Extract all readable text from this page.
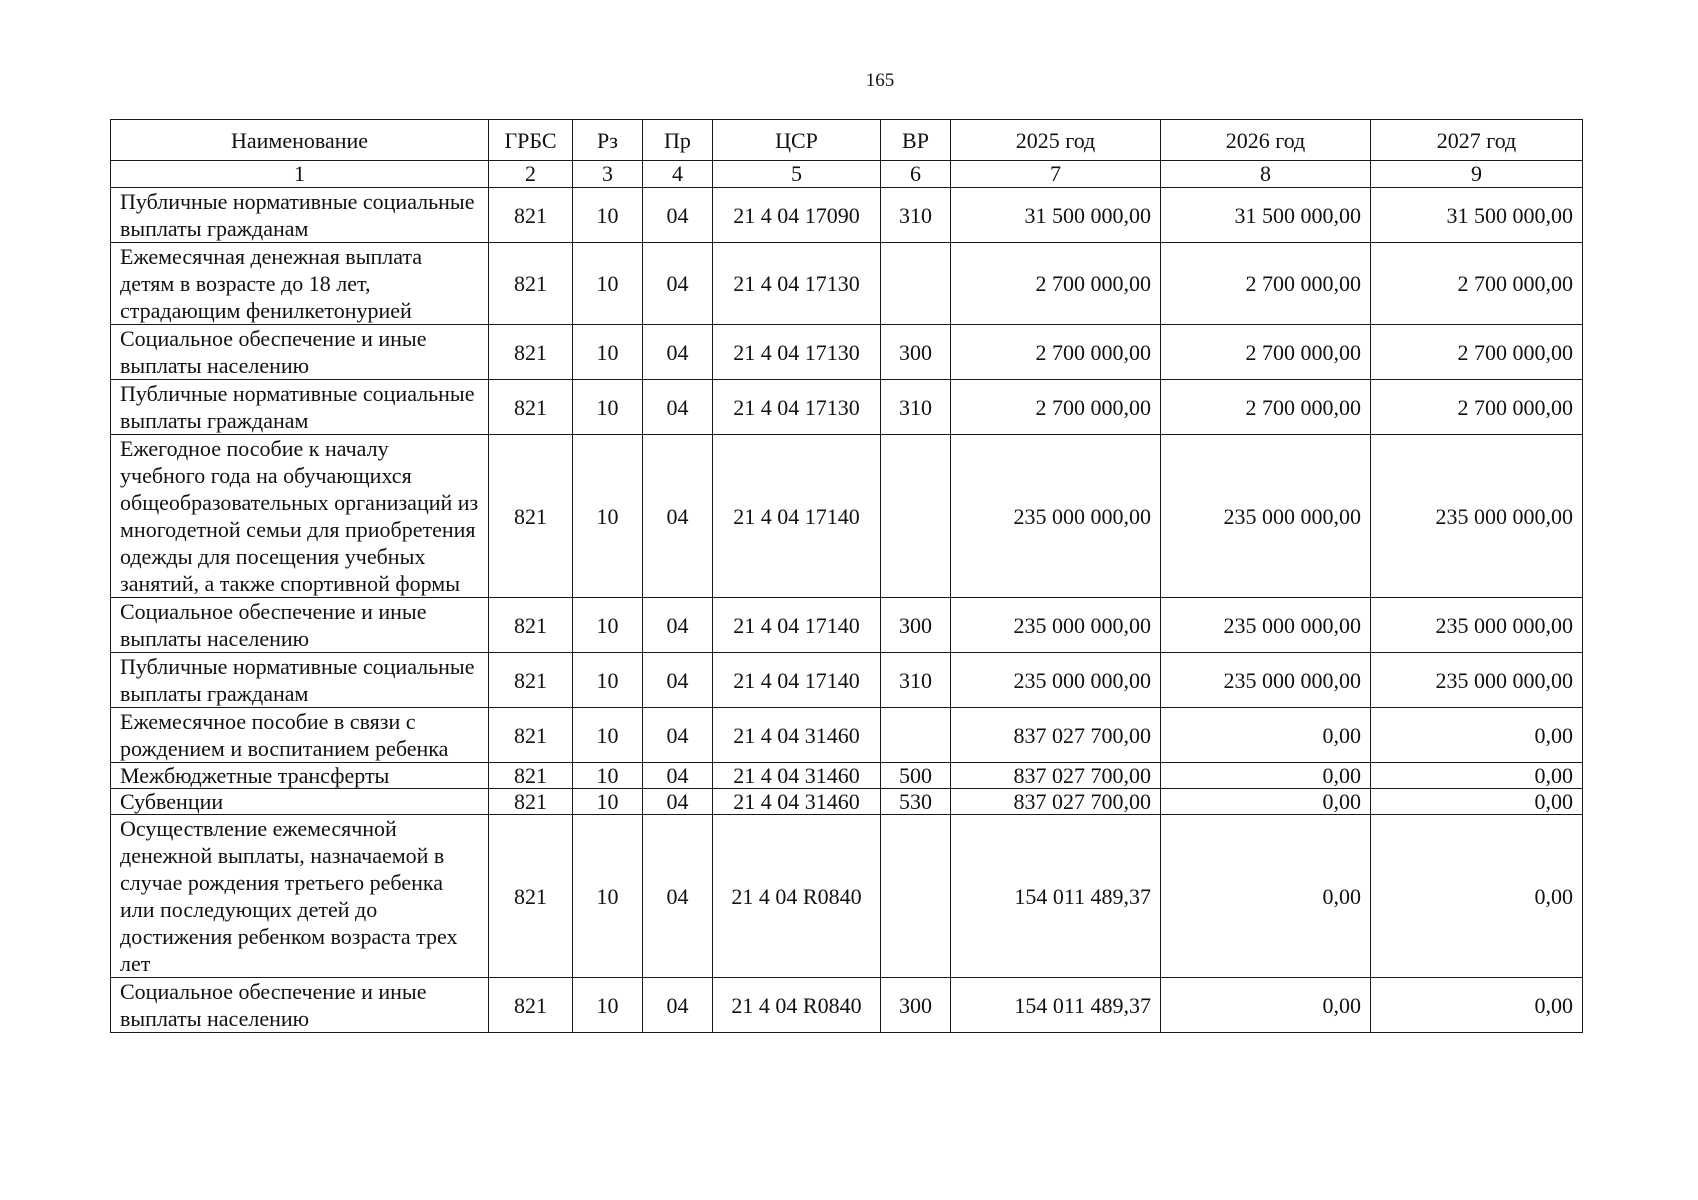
165
Наименование	ГРБС	Рз	Пр	ЦСР	ВР	2025 год	2026 год	2027 год
1	2	3	4	5	6	7	8	9
Публичные нормативные социальные выплаты гражданам	821	10	04	21 4 04 17090	310	31 500 000,00	31 500 000,00	31 500 000,00
Ежемесячная денежная выплата детям в возрасте до 18 лет, страдающим фенилкетонурией	821	10	04	21 4 04 17130		2 700 000,00	2 700 000,00	2 700 000,00
Социальное обеспечение и иные выплаты населению	821	10	04	21 4 04 17130	300	2 700 000,00	2 700 000,00	2 700 000,00
Публичные нормативные социальные выплаты гражданам	821	10	04	21 4 04 17130	310	2 700 000,00	2 700 000,00	2 700 000,00
Ежегодное пособие к началу учебного года на обучающихся общеобразовательных организаций из многодетной семьи для приобретения одежды для посещения учебных занятий, а также спортивной формы	821	10	04	21 4 04 17140		235 000 000,00	235 000 000,00	235 000 000,00
Социальное обеспечение и иные выплаты населению	821	10	04	21 4 04 17140	300	235 000 000,00	235 000 000,00	235 000 000,00
Публичные нормативные социальные выплаты гражданам	821	10	04	21 4 04 17140	310	235 000 000,00	235 000 000,00	235 000 000,00
Ежемесячное пособие в связи с рождением и воспитанием ребенка	821	10	04	21 4 04 31460		837 027 700,00	0,00	0,00
Межбюджетные трансферты	821	10	04	21 4 04 31460	500	837 027 700,00	0,00	0,00
Субвенции	821	10	04	21 4 04 31460	530	837 027 700,00	0,00	0,00
Осуществление ежемесячной денежной выплаты, назначаемой в случае рождения третьего ребенка или последующих детей до достижения ребенком возраста трех лет	821	10	04	21 4 04 R0840		154 011 489,37	0,00	0,00
Социальное обеспечение и иные выплаты населению	821	10	04	21 4 04 R0840	300	154 011 489,37	0,00	0,00
